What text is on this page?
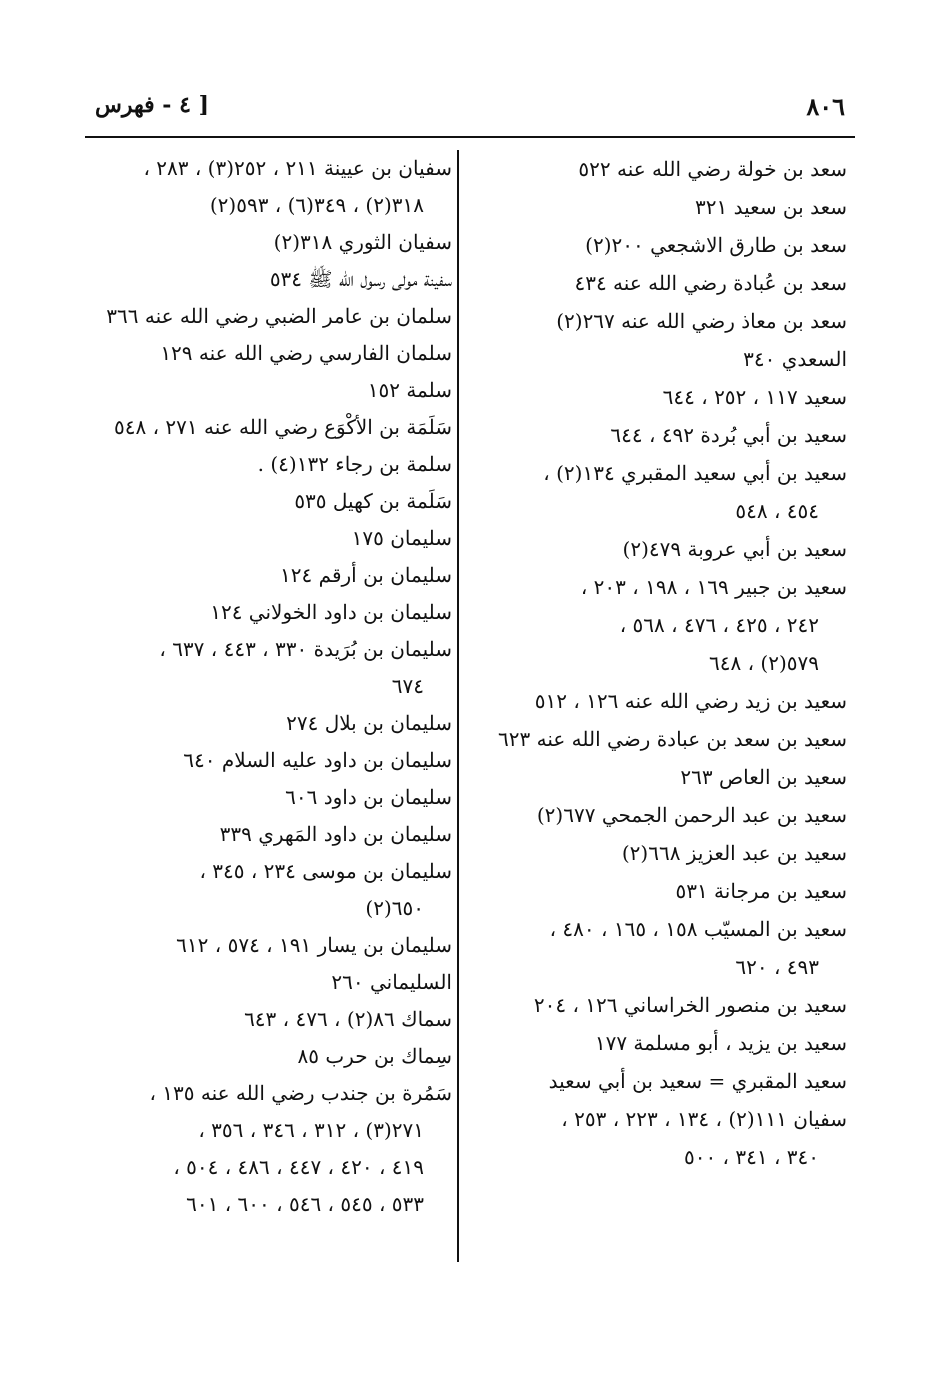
٨٠٦
[ ٤ - فهرس
سعد بن خولة رضي الله عنه ٥٢٢
سعد بن سعيد ٣٢١
سعد بن طارق الاشجعي ٢٠٠(٢)
سعد بن عُبادة رضي الله عنه ٤٣٤
سعد بن معاذ رضي الله عنه ٢٦٧(٢)
السعدي ٣٤٠
سعيد ١١٧ ، ٢٥٢ ، ٦٤٤
سعيد بن أبي بُردة ٤٩٢ ، ٦٤٤
سعيد بن أبي سعيد المقبري ١٣٤(٢) ،
٤٥٤ ، ٥٤٨
سعيد بن أبي عروبة ٤٧٩(٢)
سعيد بن جبير ١٦٩ ، ١٩٨ ، ٢٠٣ ،
٢٤٢ ، ٤٢٥ ، ٤٧٦ ، ٥٦٨ ،
٥٧٩(٢) ، ٦٤٨
سعيد بن زيد رضي الله عنه ١٢٦ ، ٥١٢
سعيد بن سعد بن عبادة رضي الله عنه ٦٢٣
سعيد بن العاص ٢٦٣
سعيد بن عبد الرحمن الجمحي ٦٧٧(٢)
سعيد بن عبد العزيز ٦٦٨(٢)
سعيد بن مرجانة ٥٣١
سعيد بن المسيّب ١٥٨ ، ١٦٥ ، ٤٨٠ ،
٤٩٣ ، ٦٢٠
سعيد بن منصور الخراساني ١٢٦ ، ٢٠٤
سعيد بن يزيد ، أبو مسلمة ١٧٧
سعيد المقبري = سعيد بن أبي سعيد
سفيان ١١١(٢) ، ١٣٤ ، ٢٢٣ ، ٢٥٣ ،
٣٤٠ ، ٣٤١ ، ٥٠٠
سفيان بن عيينة ٢١١ ، ٢٥٢(٣) ، ٢٨٣ ،
٣١٨(٢) ، ٣٤٩(٦) ، ٥٩٣(٢)
سفيان الثوري ٣١٨(٢)
سفينة مولى رسول الله ﷺ ٥٣٤
سلمان بن عامر الضبي رضي الله عنه ٣٦٦
سلمان الفارسي رضي الله عنه ١٢٩
سلمة ١٥٢
سَلَمَة بن الأكْوَع رضي الله عنه ٢٧١ ، ٥٤٨
سلمة بن رجاء ١٣٢(٤) .
سَلَمة بن كهيل ٥٣٥
سليمان ١٧٥
سليمان بن أرقم ١٢٤
سليمان بن داود الخولاني ١٢٤
سليمان بن بُرَيدة ٣٣٠ ، ٤٤٣ ، ٦٣٧ ،
٦٧٤
سليمان بن بلال ٢٧٤
سليمان بن داود عليه السلام ٦٤٠
سليمان بن داود ٦٠٦
سليمان بن داود المَهري ٣٣٩
سليمان بن موسى ٢٣٤ ، ٣٤٥ ،
٦٥٠(٢)
سليمان بن يسار ١٩١ ، ٥٧٤ ، ٦١٢
السليماني ٢٦٠
سماك ٨٦(٢) ، ٤٧٦ ، ٦٤٣
سِماك بن حرب ٨٥
سَمُرة بن جندب رضي الله عنه ١٣٥ ،
٢٧١(٣) ، ٣١٢ ، ٣٤٦ ، ٣٥٦ ،
٤١٩ ، ٤٢٠ ، ٤٤٧ ، ٤٨٦ ، ٥٠٤ ،
٥٣٣ ، ٥٤٥ ، ٥٤٦ ، ٦٠٠ ، ٦٠١
